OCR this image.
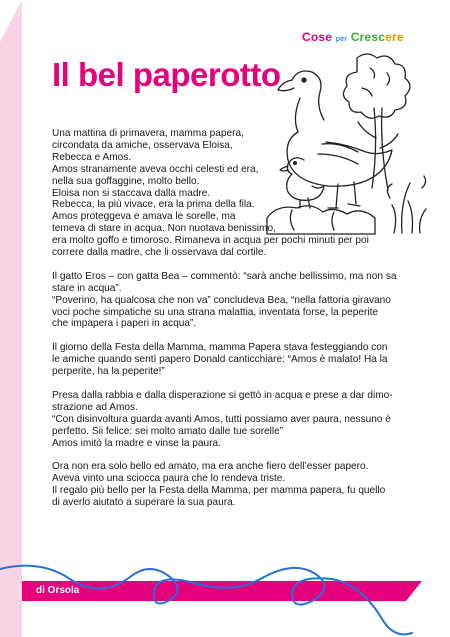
Cose per Crescere
Il bel paperotto

Una mattina di primavera, mamma papera,
circondata da amiche, osservava Eloisa,
Rebecca e Amos.
Amos stranamente aveva occhi celesti ed era,
nella sua goffaggine, molto bello.
Eloisa non si staccava dalla madre.
Rebecca, la più vivace, era la prima della fila.
Amos proteggeva e amava le sorelle, ma
temeva di stare in acqua. Non nuotava benissimo,
era molto goffo e timoroso. Rimaneva in acqua per pochi minuti per poi
correre dalla madre, che li osservava dal cortile.

Il gatto Eros – con gatta Bea – commentò: “sarà anche bellissimo, ma non sa
stare in acqua”.
“Poverino, ha qualcosa che non va” concludeva Bea, “nella fattoria giravano
voci poche simpatiche su una strana malattia, inventata forse, la peperite
che impapera i paperi in acqua”.

Il giorno della Festa della Mamma, mamma Papera stava festeggiando con
le amiche quando sentì papero Donald canticchiare: “Amos è malato! Ha la
perperite, ha la peperite!”

Presa dalla rabbia e dalla disperazione si gettò in acqua e prese a dar dimo-
strazione ad Amos.
“Con disinvoltura guarda avanti Amos, tutti possiamo aver paura, nessuno è
perfetto. Sii felice: sei molto amato dalle tue sorelle”
Amos imitò la madre e vinse la paura.

Ora non era solo bello ed amato, ma era anche fiero dell’esser papero.
Aveva vinto una sciocca paura che lo rendeva triste.
Il regalo più bello per la Festa della Mamma, per mamma papera, fu quello
di averlo aiutato a superare la sua paura.

di Orsola
